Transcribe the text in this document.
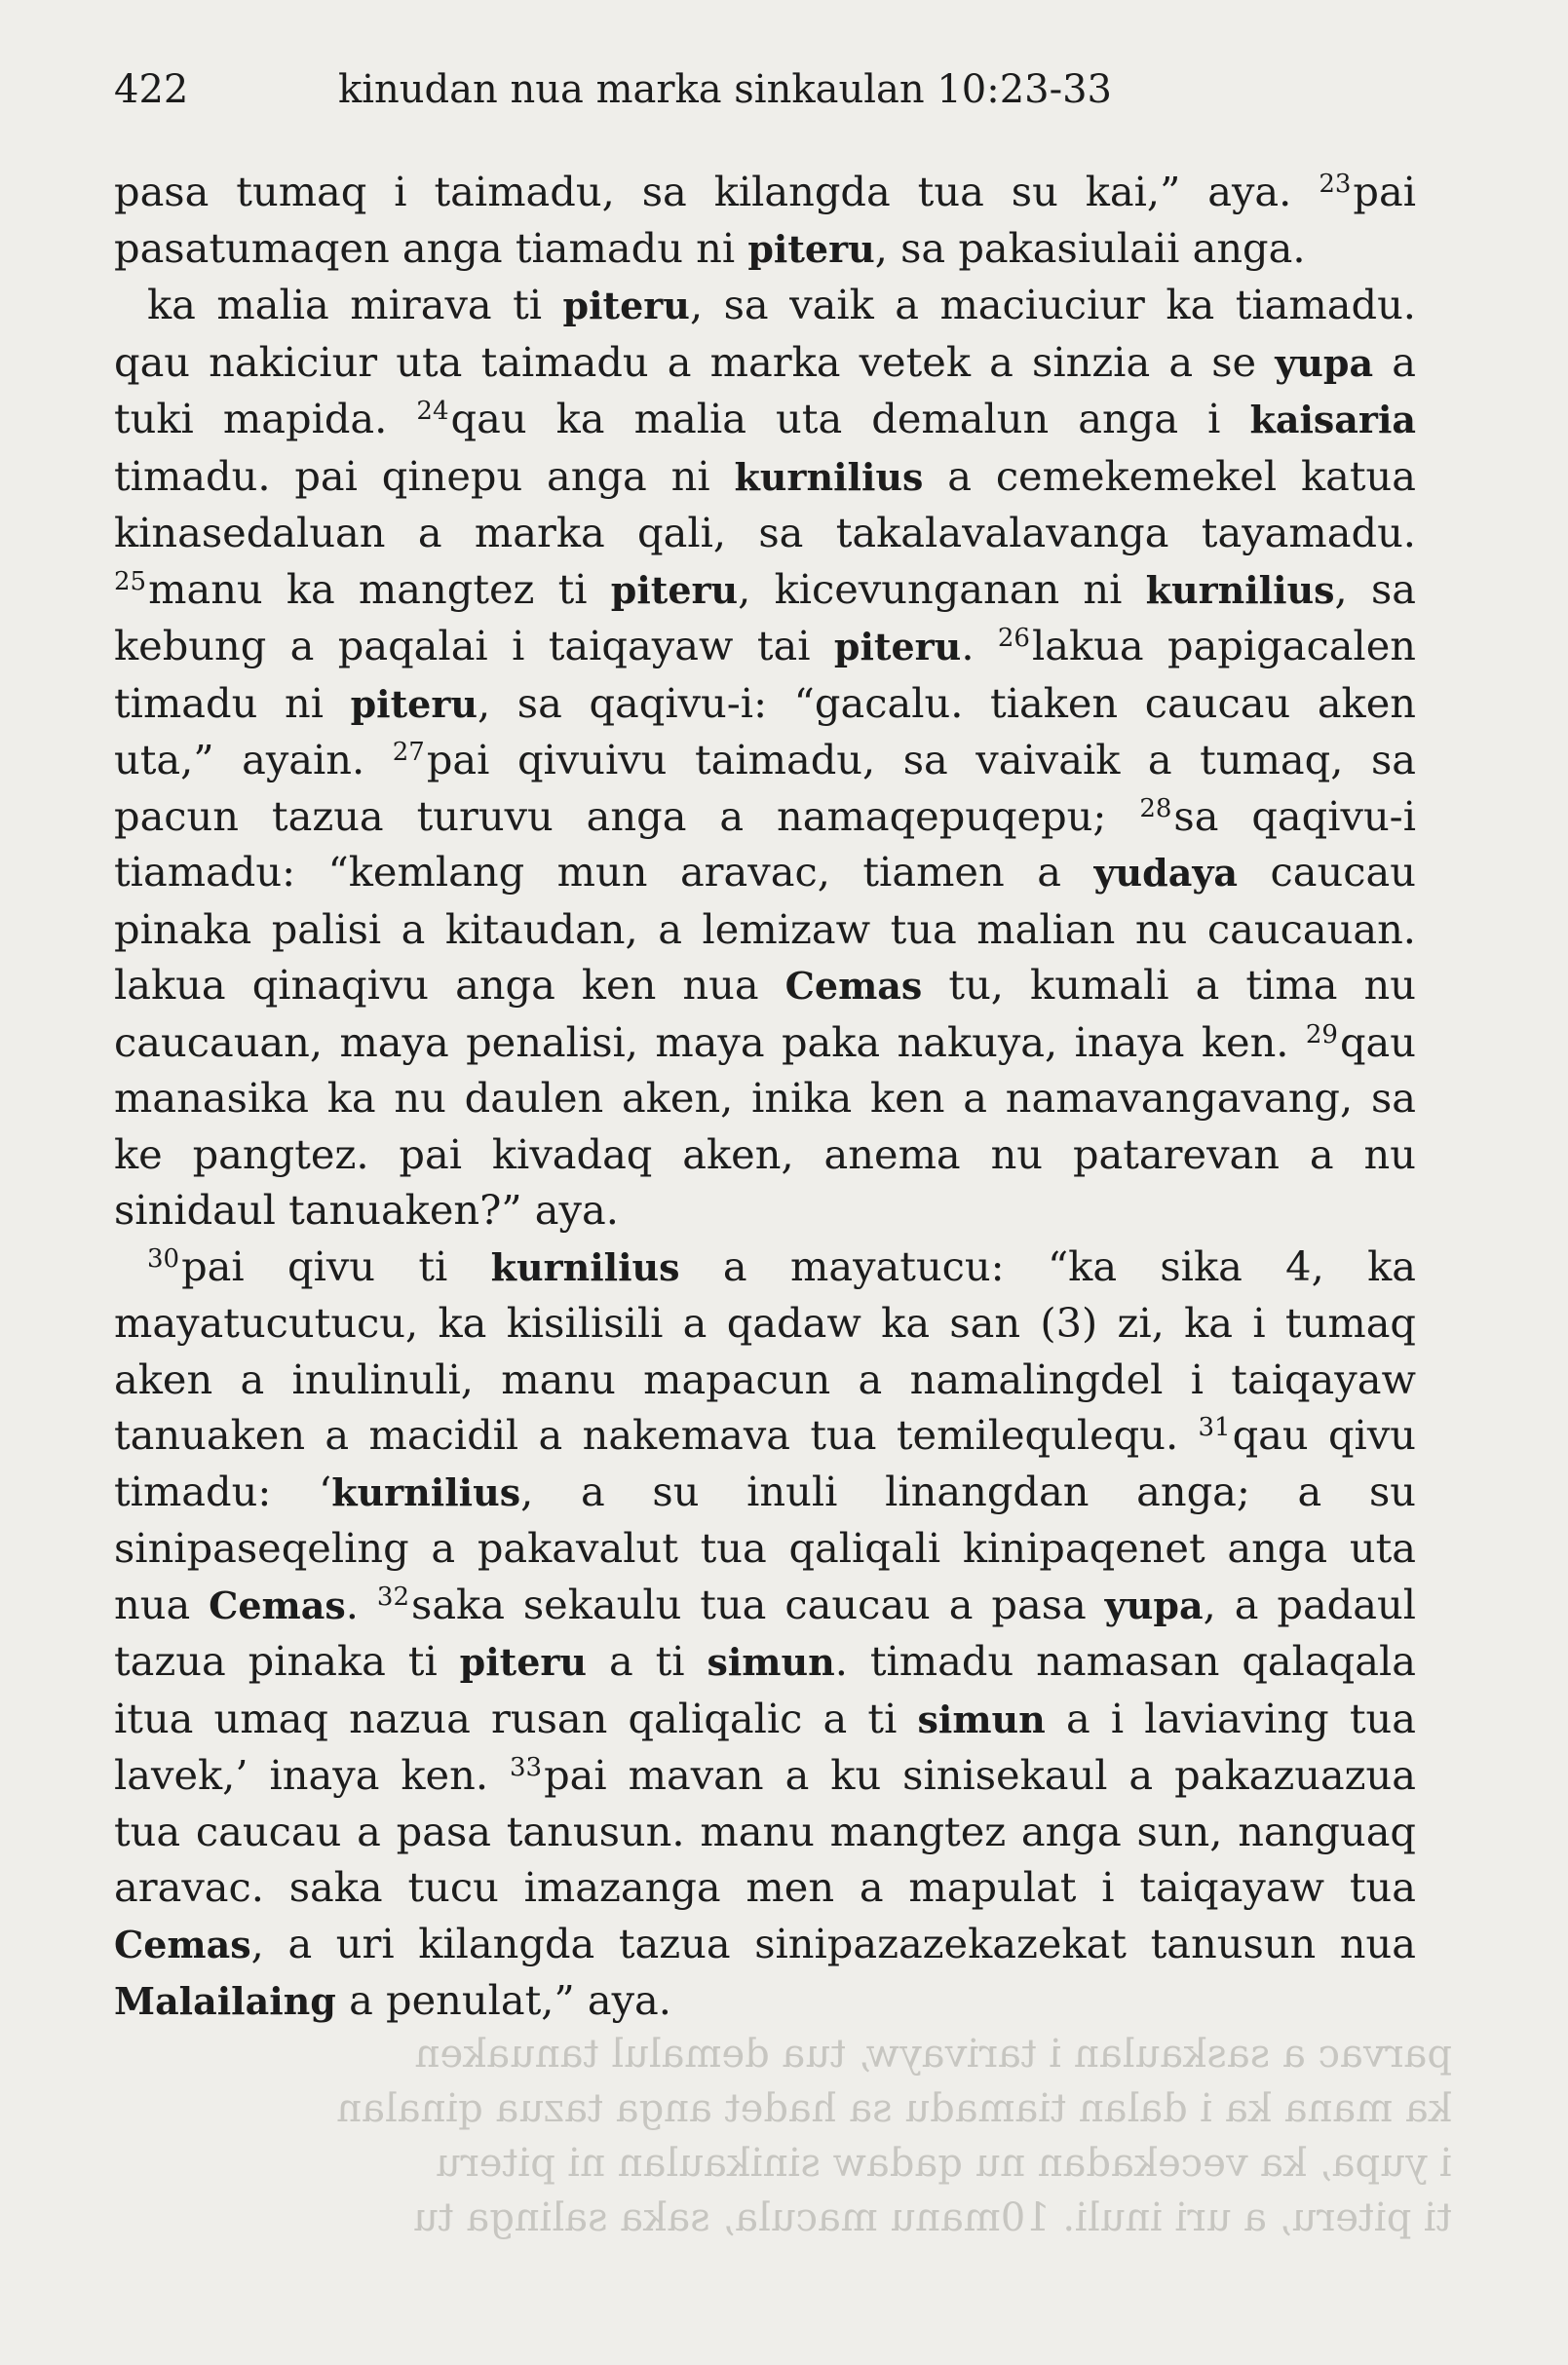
422	kinudan nua marka sinkaulan 10:23-33

pasa tumaq i taimadu, sa kilangda tua su kai,” aya. $^{23}$pai pasatumaqen anga tiamadu ni piteru, sa pakasiulaii anga.

ka malia mirava ti piteru, sa vaik a maciuciur ka tiamadu. qau nakiciur uta taimadu a marka vetek a sinzia a se yupa a tuki mapida. $^{24}$qau ka malia uta demalun anga i kaisaria timadu. pai qinepu anga ni kurnilius a cemekemekel katua kinasedaluan a marka qali, sa takalavalavanga tayamadu. $^{25}$manu ka mangtez ti piteru, kicevunganan ni kurnilius, sa kebung a paqalai i taiqayaw tai piteru. $^{26}$lakua papigacalen timadu ni piteru, sa qaqivu-i: “gacalu. tiaken caucau aken uta,” ayain. $^{27}$pai qivuivu taimadu, sa vaivaik a tumaq, sa pacun tazua turuvu anga a namaqepuqepu; $^{28}$sa qaqivu-i tiamadu: “kemlang mun aravac, tiamen a yudaya caucau pinaka palisi a kitaudan, a lemizaw tua malian nu caucauan. lakua qinaqivu anga ken nua Cemas tu, kumali a tima nu caucauan, maya penalisi, maya paka nakuya, inaya ken. $^{29}$qau manasika ka nu daulen aken, inika ken a namavangavang, sa ke pangtez. pai kivadaq aken, anema nu patarevan a nu sinidaul tanuaken?” aya.

$^{30}$pai qivu ti kurnilius a mayatucu: “ka sika 4, ka mayatucutucu, ka kisilisili a qadaw ka san (3) zi, ka i tumaq aken a inulinuli, manu mapacun a namalingdel i taiqayaw tanuaken a macidil a nakemava tua temilequlequ. $^{31}$qau qivu timadu: ‘kurnilius, a su inuli linangdan anga; a su sinipaseqeling a pakavalut tua qaliqali kinipaqenet anga uta nua Cemas. $^{32}$saka sekaulu tua caucau a pasa yupa, a padaul tazua pinaka ti piteru a ti simun. timadu namasan qalaqala itua umaq nazua rusan qaliqalic a ti simun a i laviaving tua lavek,’ inaya ken. $^{33}$pai mavan a ku sinisekaul a pakazuazua tua caucau a pasa tanusun. manu mangtez anga sun, nanguaq aravac. saka tucu imazanga men a mapulat i taiqayaw tua Cemas, a uri kilangda tazua sinipazazekazekat tanusun nua Malailaing a penulat,” aya.

parvac a saskaulan i tarivayw, tua demalul tanuaken
ka mana ka i dalan tiamadu sa hadet anga tazua qinalan
i yupa, ka vecekadan nu qadaw sinikaulan ni piteru
ti piteru, a uri inuli. 10manu macula, saka salinga tu
